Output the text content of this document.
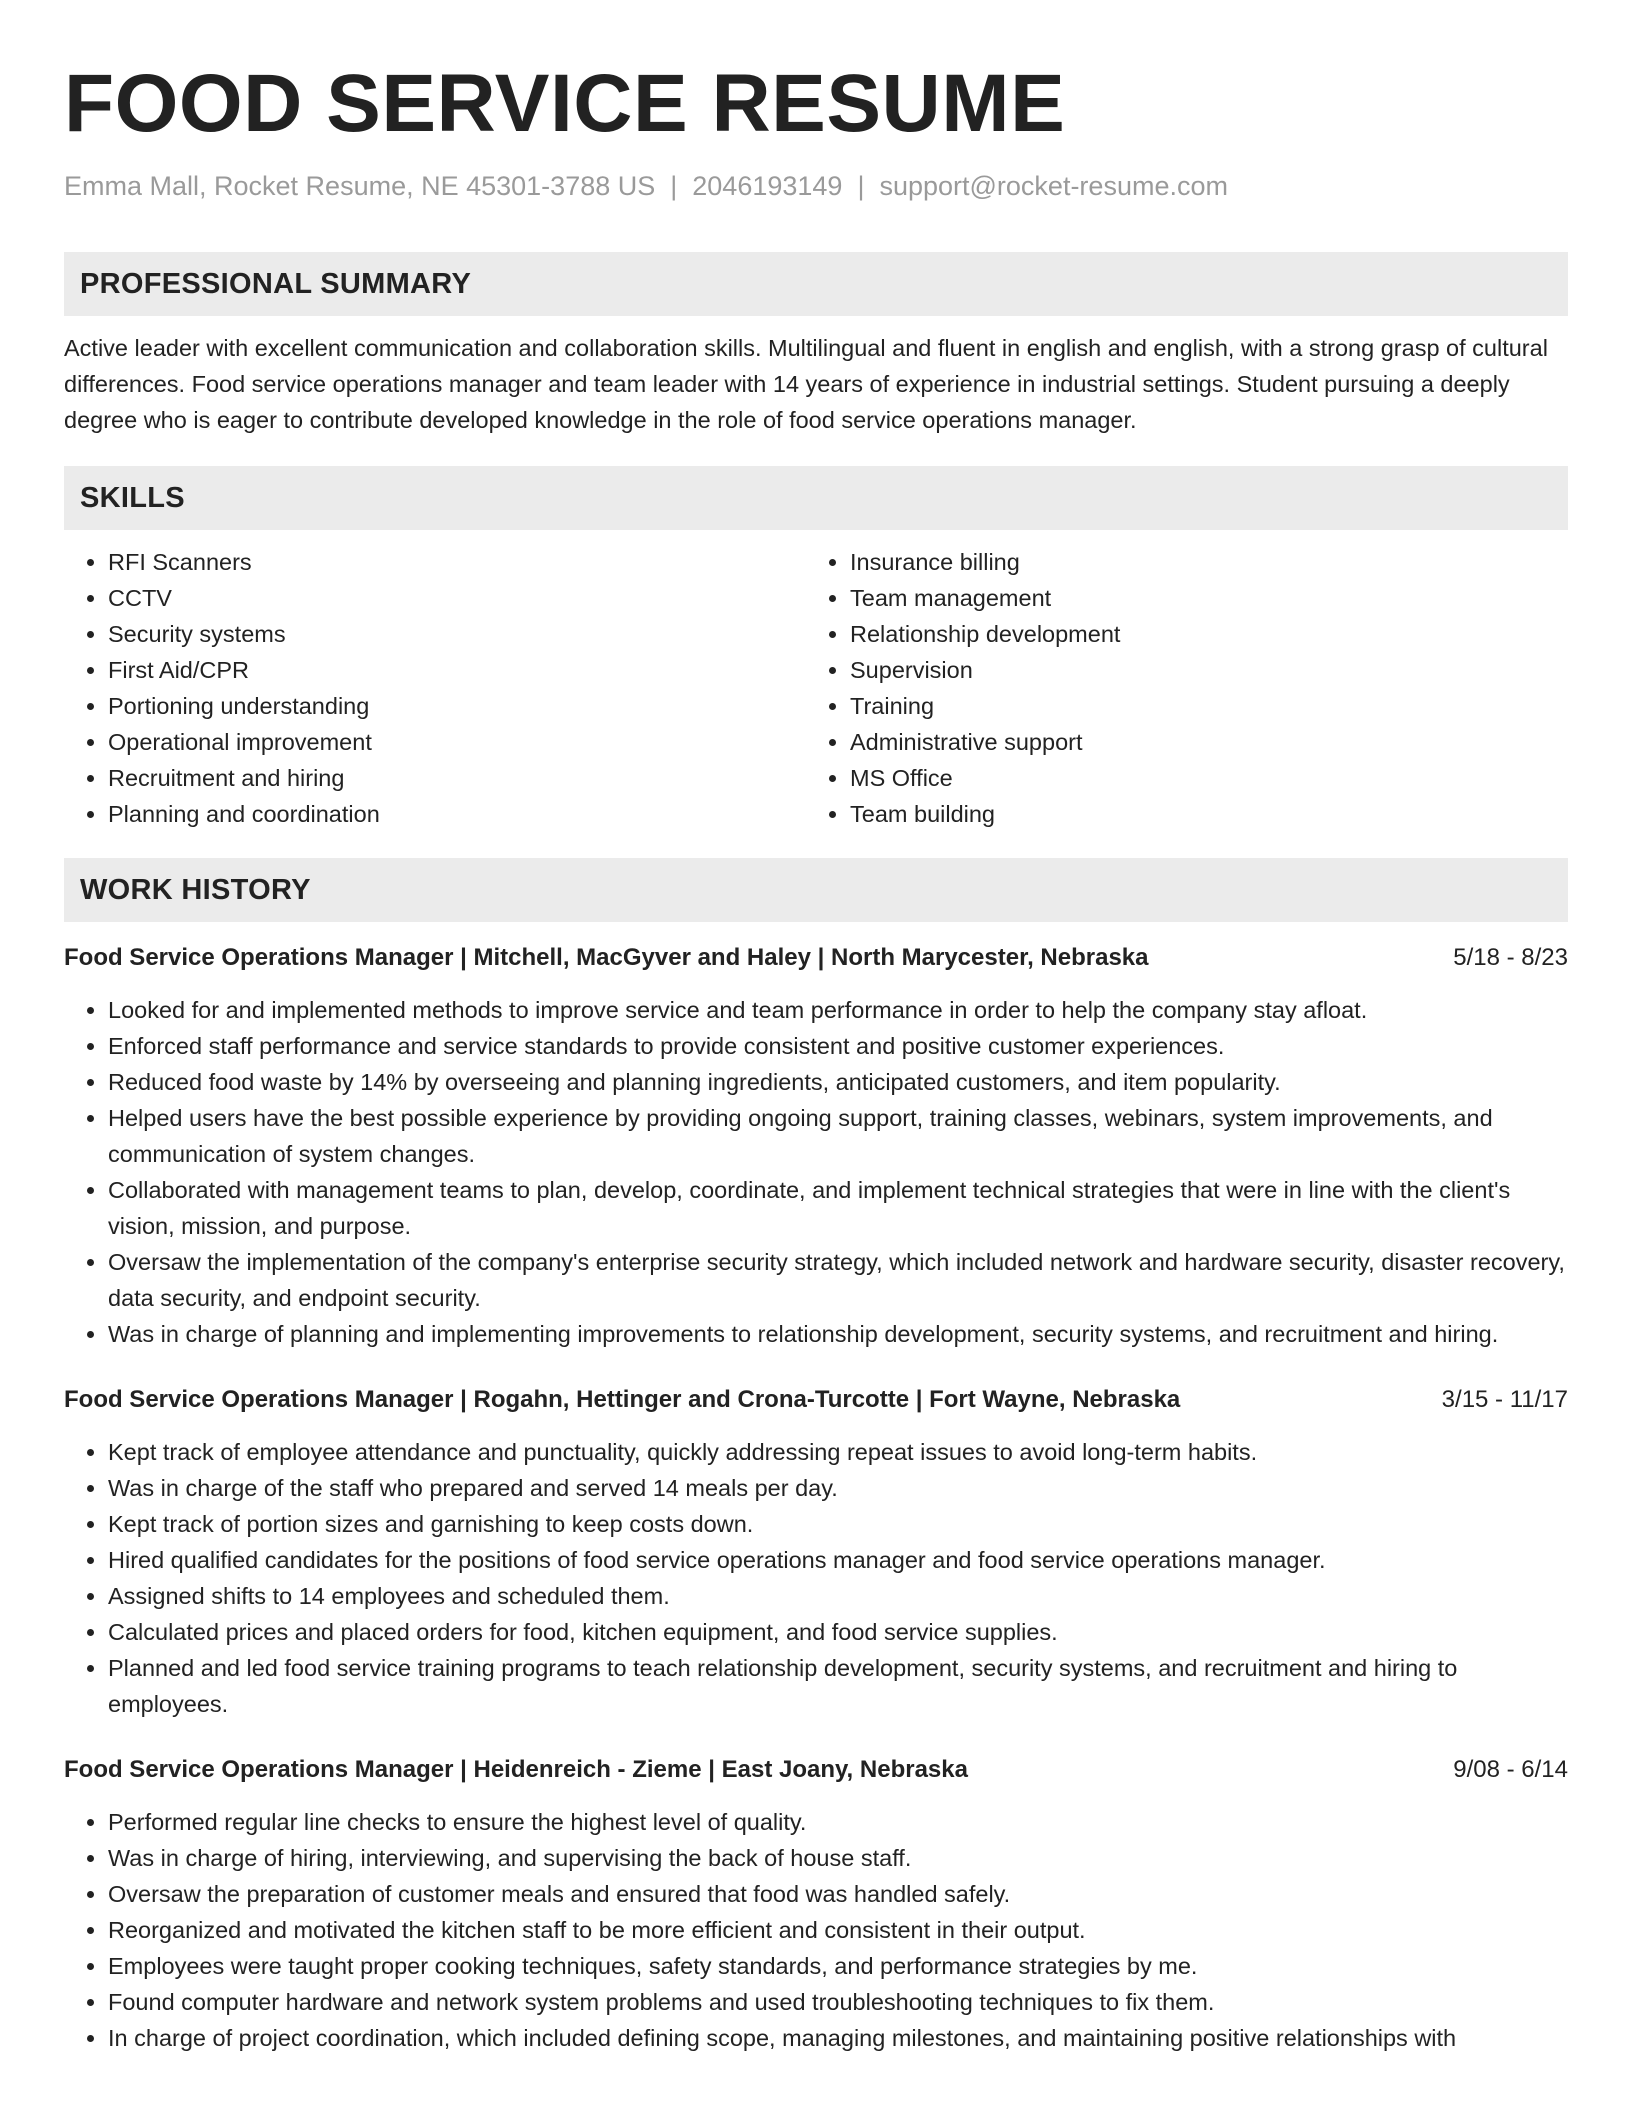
FOOD SERVICE RESUME
Emma Mall, Rocket Resume, NE 45301-3788 US | 2046193149 | support@rocket-resume.com
PROFESSIONAL SUMMARY

Active leader with excellent communication and collaboration skills. Multilingual and fluent in english and english, with a strong grasp of cultural differences. Food service operations manager and team leader with 14 years of experience in industrial settings. Student pursuing a deeply degree who is eager to contribute developed knowledge in the role of food service operations manager.

SKILLS
• RFI Scanners
• CCTV
• Security systems
• First Aid/CPR
• Portioning understanding
• Operational improvement
• Recruitment and hiring
• Planning and coordination
• Insurance billing
• Team management
• Relationship development
• Supervision
• Training
• Administrative support
• MS Office
• Team building
WORK HISTORY
Food Service Operations Manager | Mitchell, MacGyver and Haley | North Marycester, Nebraska	5/18 - 8/23
• Looked for and implemented methods to improve service and team performance in order to help the company stay afloat.
• Enforced staff performance and service standards to provide consistent and positive customer experiences.
• Reduced food waste by 14% by overseeing and planning ingredients, anticipated customers, and item popularity.
• Helped users have the best possible experience by providing ongoing support, training classes, webinars, system improvements, and communication of system changes.
• Collaborated with management teams to plan, develop, coordinate, and implement technical strategies that were in line with the client's vision, mission, and purpose.
• Oversaw the implementation of the company's enterprise security strategy, which included network and hardware security, disaster recovery, data security, and endpoint security.
• Was in charge of planning and implementing improvements to relationship development, security systems, and recruitment and hiring.
Food Service Operations Manager | Rogahn, Hettinger and Crona-Turcotte | Fort Wayne, Nebraska	3/15 - 11/17
• Kept track of employee attendance and punctuality, quickly addressing repeat issues to avoid long-term habits.
• Was in charge of the staff who prepared and served 14 meals per day.
• Kept track of portion sizes and garnishing to keep costs down.
• Hired qualified candidates for the positions of food service operations manager and food service operations manager.
• Assigned shifts to 14 employees and scheduled them.
• Calculated prices and placed orders for food, kitchen equipment, and food service supplies.
• Planned and led food service training programs to teach relationship development, security systems, and recruitment and hiring to employees.
Food Service Operations Manager | Heidenreich - Zieme | East Joany, Nebraska	9/08 - 6/14
• Performed regular line checks to ensure the highest level of quality.
• Was in charge of hiring, interviewing, and supervising the back of house staff.
• Oversaw the preparation of customer meals and ensured that food was handled safely.
• Reorganized and motivated the kitchen staff to be more efficient and consistent in their output.
• Employees were taught proper cooking techniques, safety standards, and performance strategies by me.
• Found computer hardware and network system problems and used troubleshooting techniques to fix them.
• In charge of project coordination, which included defining scope, managing milestones, and maintaining positive relationships with
